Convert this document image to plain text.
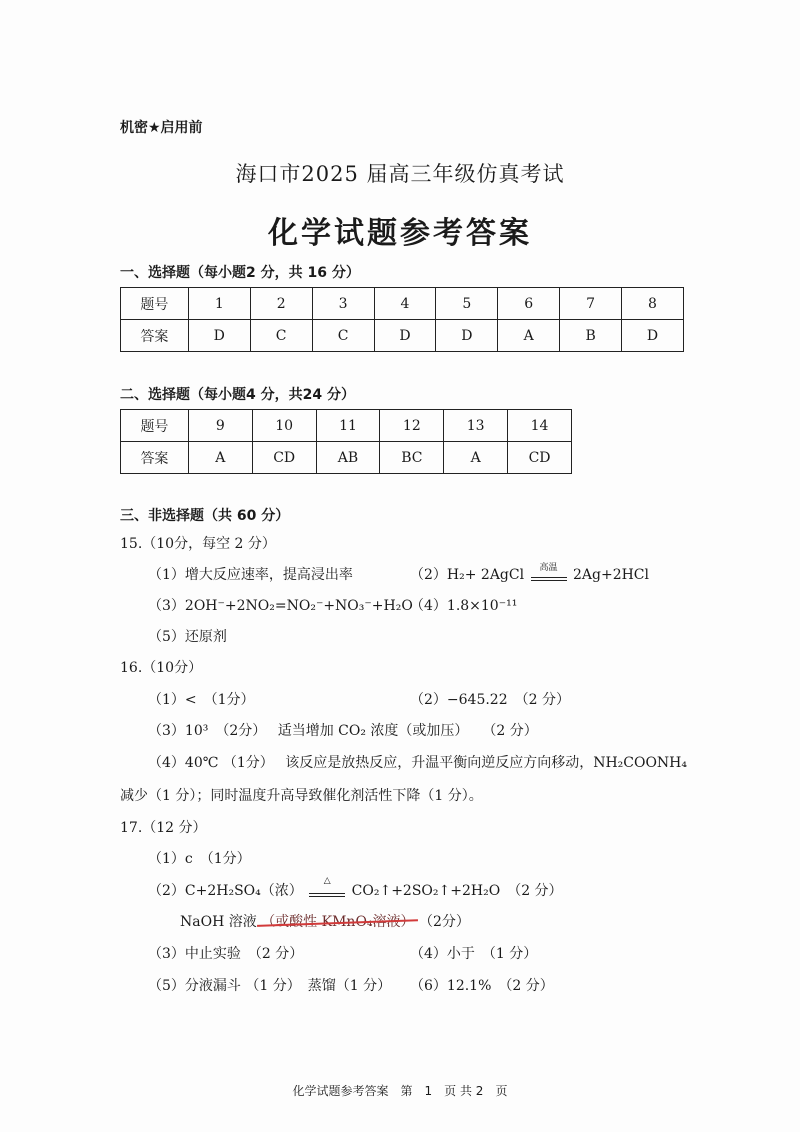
机密★启用前
海口市2025 届高三年级仿真考试
化学试题参考答案
一、选择题（每小题2 分，共 16 分）
题号	1	2	3	4	5	6	7	8
答案	D	C	C	D	D	A	B	D
二、选择题（每小题4 分，共24 分）
题号	9	10	11	12	13	14
答案	A	CD	AB	BC	A	CD
三、非选择题（共 60 分）
15.（10分，每空 2 分）
（1）增大反应速率，提高浸出率	（2）H₂+ 2AgCl	高温	2Ag+2HCl
（3）2OH⁻+2NO₂=NO₂⁻+NO₃⁻+H₂O
（4）1.8×10⁻¹¹
（5）还原剂
16.（10分）
（1）<　（1分）	（2）−645.22　（2 分）
（3）10³　（2分）　 适当增加 CO₂ 浓度（或加压）　　（2 分）
（4）40℃ （1分）　 该反应是放热反应，升温平衡向逆反应方向移动，NH₂COONH₄
减少（1 分）；同时温度升高导致催化剂活性下降（1 分）。
17.（12 分）
（1）c　（1分）
（2）C+2H₂SO₄（浓）
△
CO₂↑+2SO₂↑+2H₂O　（2 分）
NaOH 溶液 （或酸性 KMnO₄溶液） （2分）
（3）中止实验　（2 分）	（4）小于　（1 分）
（5）分液漏斗 （1 分）　蒸馏（1 分） （6）12.1%　（2 分）
化学试题参考答案　第　1　页 共 2　页
